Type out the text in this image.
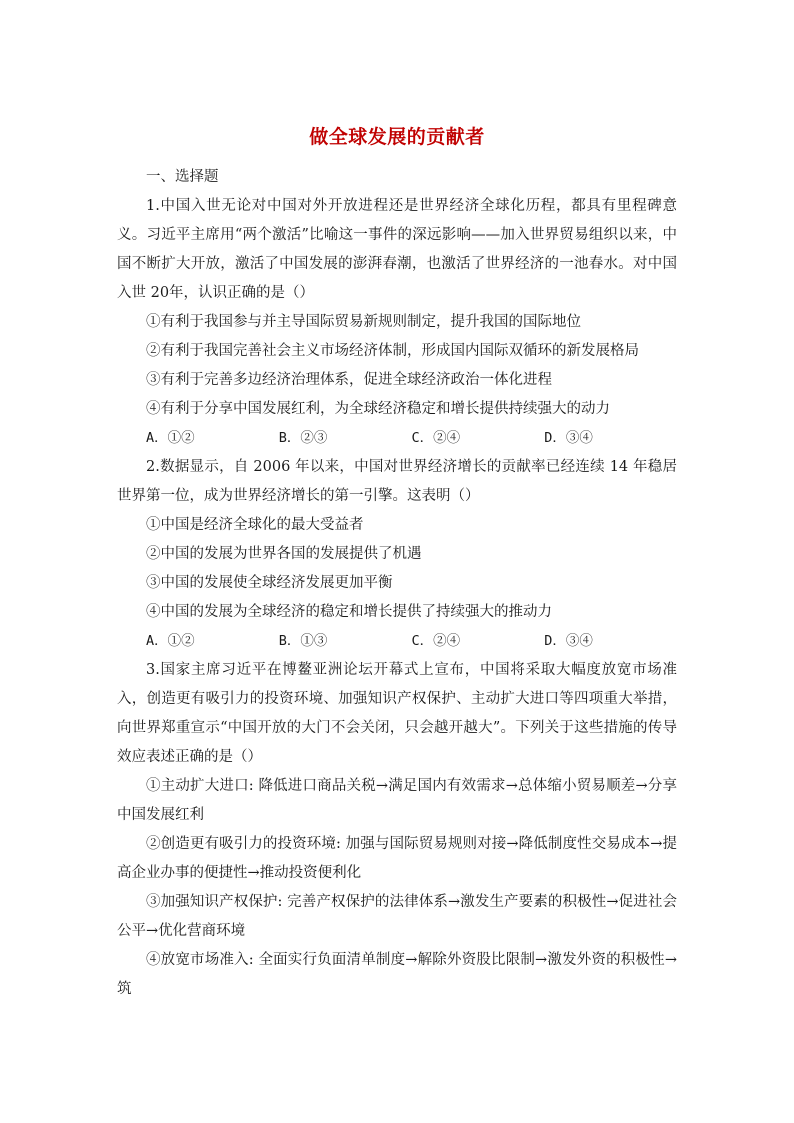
做全球发展的贡献者
一、选择题

1.中国入世无论对中国对外开放进程还是世界经济全球化历程，都具有里程碑意义。习近平主席用“两个激活”比喻这一事件的深远影响——加入世界贸易组织以来，中国不断扩大开放，激活了中国发展的澎湃春潮，也激活了世界经济的一池春水。对中国入世 20年，认识正确的是（）

①有利于我国参与并主导国际贸易新规则制定，提升我国的国际地位

②有利于我国完善社会主义市场经济体制，形成国内国际双循环的新发展格局

③有利于完善多边经济治理体系，促进全球经济政治一体化进程

④有利于分享中国发展红利，为全球经济稳定和增长提供持续强大的动力

A．①②	B．②③	C．②④	D．③④

2.数据显示，自 2006 年以来，中国对世界经济增长的贡献率已经连续 14 年稳居世界第一位，成为世界经济增长的第一引擎。这表明（）

①中国是经济全球化的最大受益者

②中国的发展为世界各国的发展提供了机遇

③中国的发展使全球经济发展更加平衡

④中国的发展为全球经济的稳定和增长提供了持续强大的推动力

A．①②	B．①③	C．②④	D．③④

3.国家主席习近平在博鳌亚洲论坛开幕式上宣布，中国将采取大幅度放宽市场准入，创造更有吸引力的投资环境、加强知识产权保护、主动扩大进口等四项重大举措，向世界郑重宣示“中国开放的大门不会关闭，只会越开越大”。下列关于这些措施的传导效应表述正确的是（）

①主动扩大进口: 降低进口商品关税→满足国内有效需求→总体缩小贸易顺差→分享中国发展红利

②创造更有吸引力的投资环境: 加强与国际贸易规则对接→降低制度性交易成本→提高企业办事的便捷性→推动投资便利化

③加强知识产权保护: 完善产权保护的法律体系→激发生产要素的积极性→促进社会公平→优化营商环境

④放宽市场准入: 全面实行负面清单制度→解除外资股比限制→激发外资的积极性→筑
